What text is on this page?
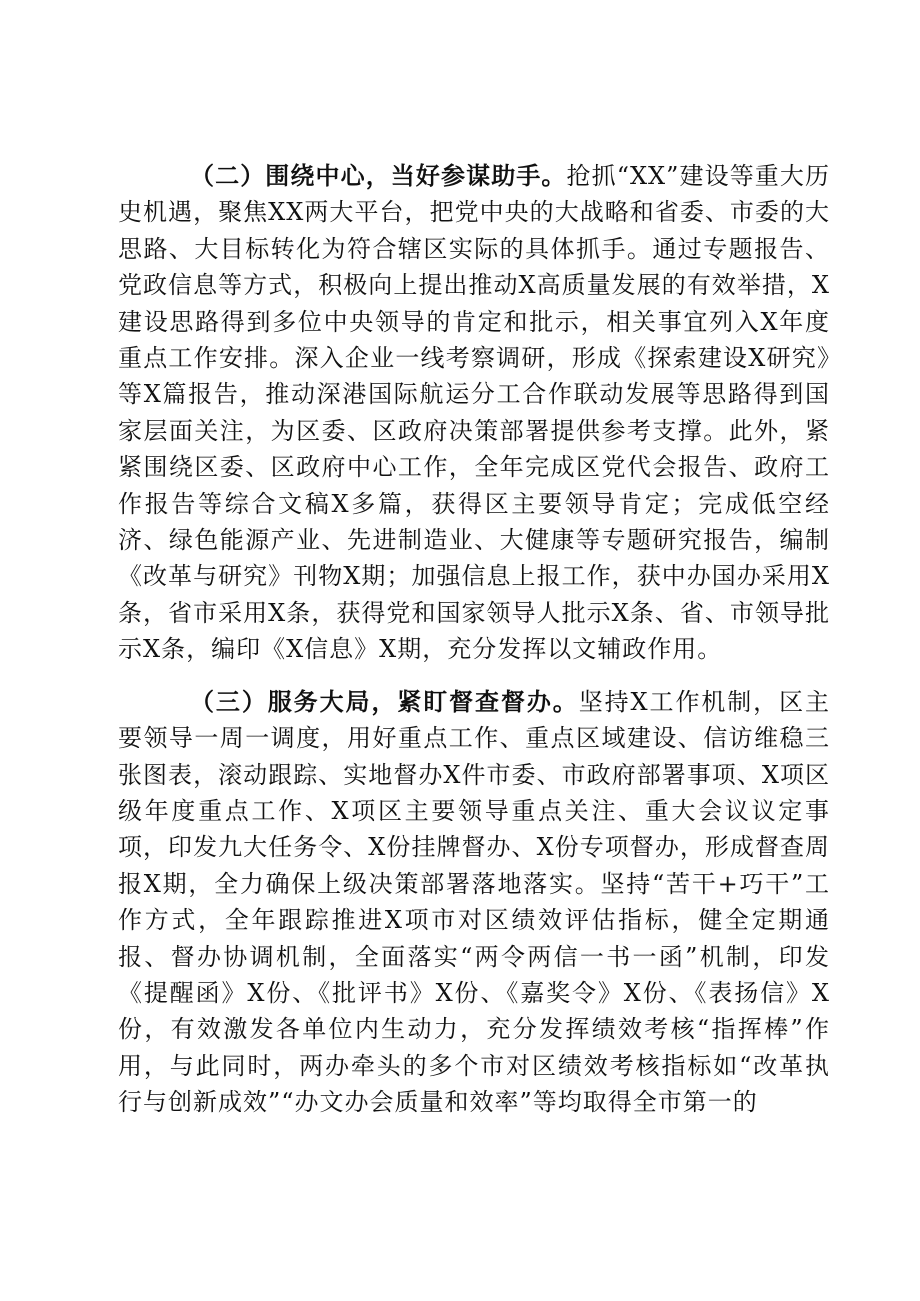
（二）围绕中心，当好参谋助手。抢抓“XX”建设等重大历史机遇，聚焦XX两大平台，把党中央的大战略和省委、市委的大思路、大目标转化为符合辖区实际的具体抓手。通过专题报告、党政信息等方式，积极向上提出推动X高质量发展的有效举措，X建设思路得到多位中央领导的肯定和批示，相关事宜列入X年度重点工作安排。深入企业一线考察调研，形成《探索建设X研究》等X篇报告，推动深港国际航运分工合作联动发展等思路得到国家层面关注，为区委、区政府决策部署提供参考支撑。此外，紧紧围绕区委、区政府中心工作，全年完成区党代会报告、政府工作报告等综合文稿X多篇，获得区主要领导肯定；完成低空经济、绿色能源产业、先进制造业、大健康等专题研究报告，编制《改革与研究》刊物X期；加强信息上报工作，获中办国办采用X条，省市采用X条，获得党和国家领导人批示X条、省、市领导批示X条，编印《X信息》X期，充分发挥以文辅政作用。

（三）服务大局，紧盯督查督办。坚持X工作机制，区主要领导一周一调度，用好重点工作、重点区域建设、信访维稳三张图表，滚动跟踪、实地督办X件市委、市政府部署事项、X项区级年度重点工作、X项区主要领导重点关注、重大会议议定事项，印发九大任务令、X份挂牌督办、X份专项督办，形成督查周报X期，全力确保上级决策部署落地落实。坚持“苦干+巧干”工作方式，全年跟踪推进X项市对区绩效评估指标，健全定期通报、督办协调机制，全面落实“两令两信一书一函”机制，印发《提醒函》X份、《批评书》X份、《嘉奖令》X份、《表扬信》X份，有效激发各单位内生动力，充分发挥绩效考核“指挥棒”作用，与此同时，两办牵头的多个市对区绩效考核指标如“改革执行与创新成效”“办文办会质量和效率”等均取得全市第一的
